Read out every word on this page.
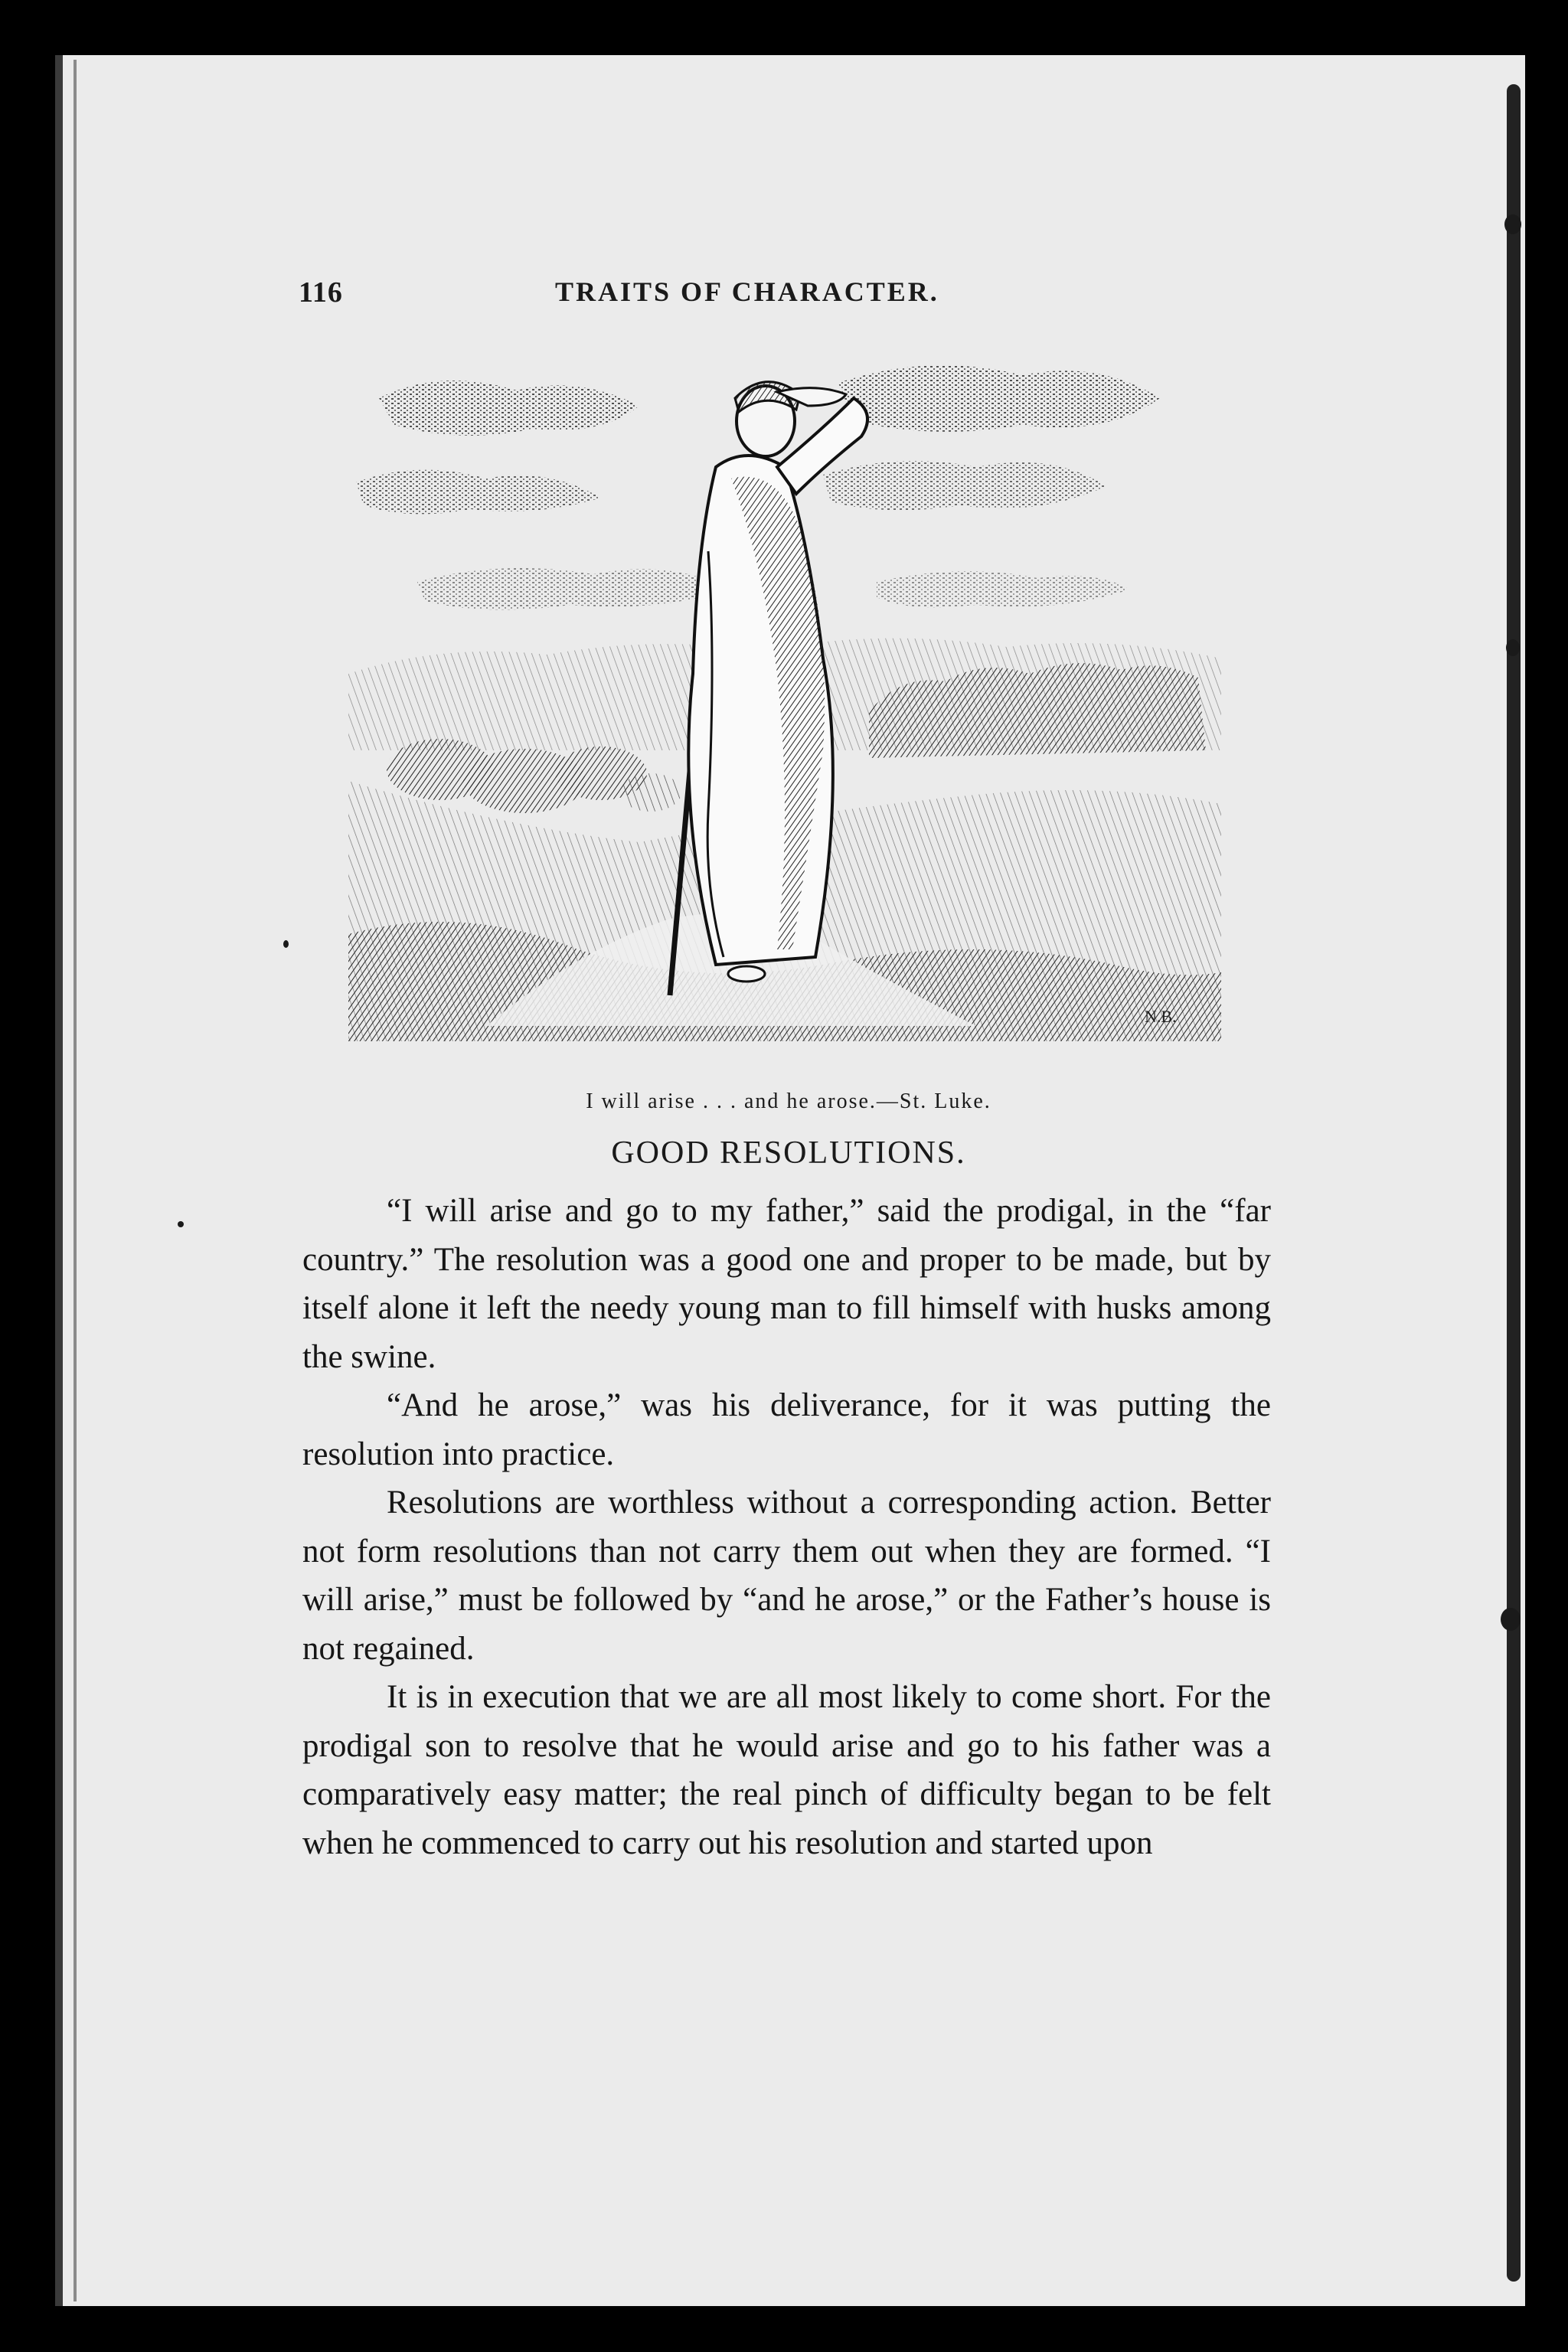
116	TRAITS OF CHARACTER.
N.B.
I will arise . . . and he arose.—St. Luke.
GOOD RESOLUTIONS.

“I will arise and go to my father,” said the prodigal, in the “far country.” The resolution was a good one and proper to be made, but by itself alone it left the needy young man to fill himself with husks among the swine.

“And he arose,” was his deliverance, for it was putting the resolution into practice.

Resolutions are worthless without a corresponding action. Better not form resolutions than not carry them out when they are formed. “I will arise,” must be followed by “and he arose,” or the Father’s house is not regained.

It is in execution that we are all most likely to come short. For the prodigal son to resolve that he would arise and go to his father was a comparatively easy matter; the real pinch of difficulty began to be felt when he commenced to carry out his resolution and started upon
